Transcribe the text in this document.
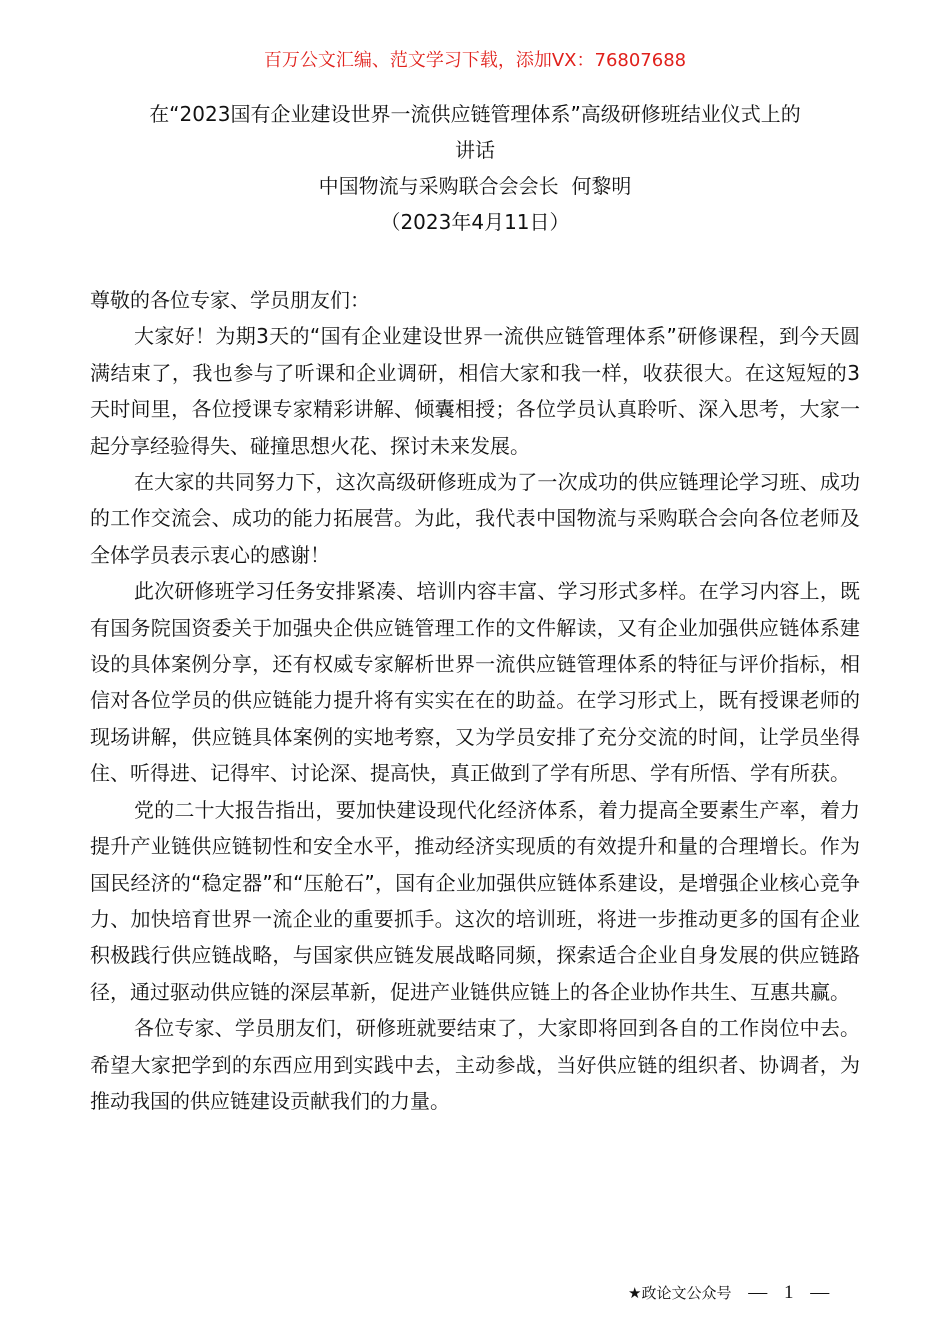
百万公文汇编、范文学习下载，添加VX：76807688
在“2023国有企业建设世界一流供应链管理体系”高级研修班结业仪式上的
讲话
中国物流与采购联合会会长  何黎明
（2023年4月11日）

尊敬的各位专家、学员朋友们：

大家好！为期3天的“国有企业建设世界一流供应链管理体系”研修课程，到今天圆满结束了，我也参与了听课和企业调研，相信大家和我一样，收获很大。在这短短的3天时间里，各位授课专家精彩讲解、倾囊相授；各位学员认真聆听、深入思考，大家一起分享经验得失、碰撞思想火花、探讨未来发展。

在大家的共同努力下，这次高级研修班成为了一次成功的供应链理论学习班、成功的工作交流会、成功的能力拓展营。为此，我代表中国物流与采购联合会向各位老师及全体学员表示衷心的感谢！

此次研修班学习任务安排紧凑、培训内容丰富、学习形式多样。在学习内容上，既有国务院国资委关于加强央企供应链管理工作的文件解读，又有企业加强供应链体系建设的具体案例分享，还有权威专家解析世界一流供应链管理体系的特征与评价指标，相信对各位学员的供应链能力提升将有实实在在的助益。在学习形式上，既有授课老师的现场讲解，供应链具体案例的实地考察，又为学员安排了充分交流的时间，让学员坐得住、听得进、记得牢、讨论深、提高快，真正做到了学有所思、学有所悟、学有所获。

党的二十大报告指出，要加快建设现代化经济体系，着力提高全要素生产率，着力提升产业链供应链韧性和安全水平，推动经济实现质的有效提升和量的合理增长。作为国民经济的“稳定器”和“压舱石”，国有企业加强供应链体系建设，是增强企业核心竞争力、加快培育世界一流企业的重要抓手。这次的培训班，将进一步推动更多的国有企业积极践行供应链战略，与国家供应链发展战略同频，探索适合企业自身发展的供应链路径，通过驱动供应链的深层革新，促进产业链供应链上的各企业协作共生、互惠共赢。

各位专家、学员朋友们，研修班就要结束了，大家即将回到各自的工作岗位中去。希望大家把学到的东西应用到实践中去，主动参战，当好供应链的组织者、协调者，为推动我国的供应链建设贡献我们的力量。

★政论文公众号 — 1 —
